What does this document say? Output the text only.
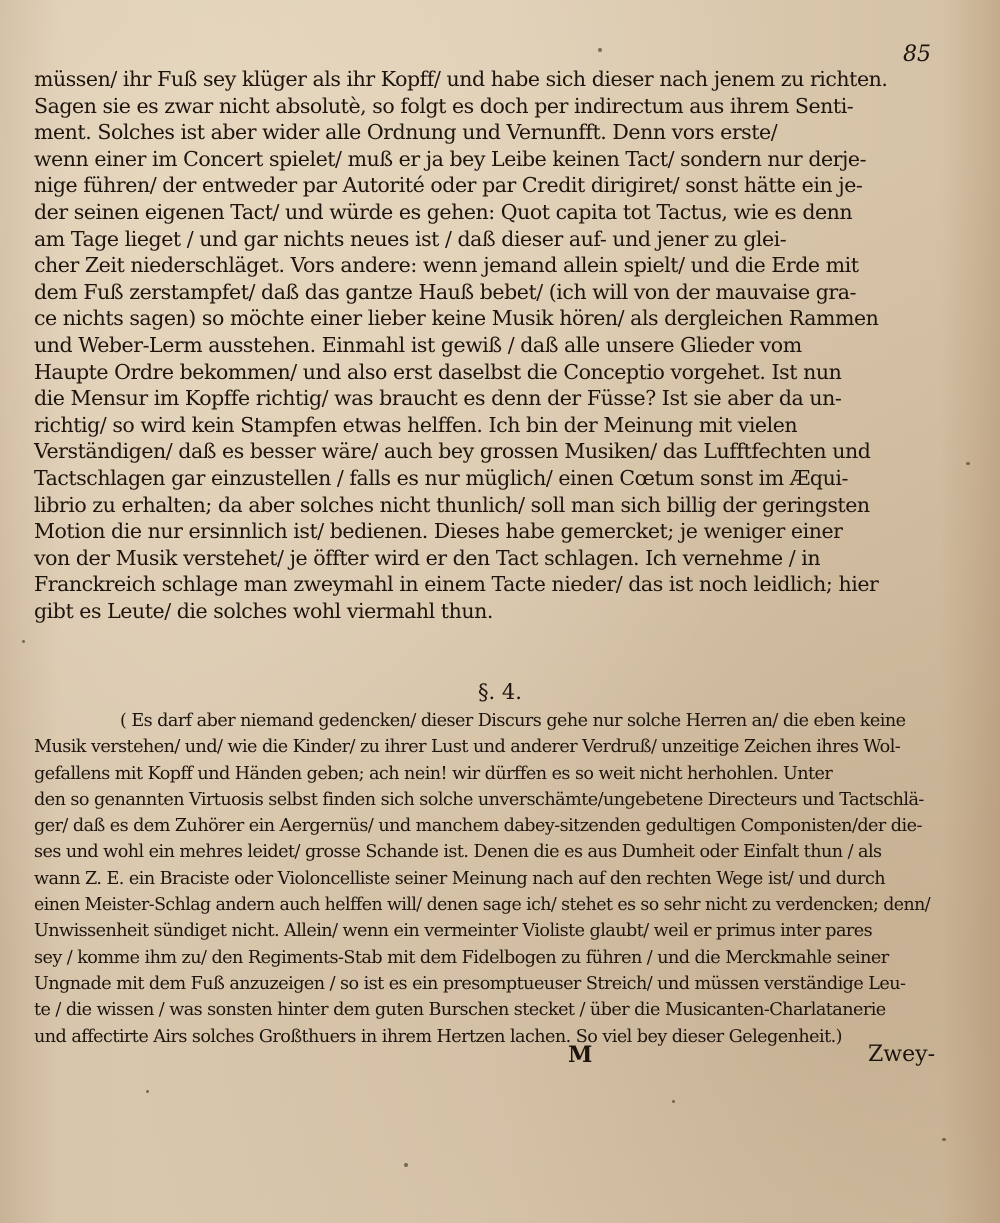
85
müssen/ ihr Fuß sey klüger als ihr Kopff/ und habe sich dieser nach jenem zu richten.
Sagen sie es zwar nicht absolutè, so folgt es doch per indirectum aus ihrem Senti-
ment. Solches ist aber wider alle Ordnung und Vernunfft. Denn vors erste/
wenn einer im Concert spielet/ muß er ja bey Leibe keinen Tact/ sondern nur derje-
nige führen/ der entweder par Autorité oder par Credit dirigiret/ sonst hätte ein je-
der seinen eigenen Tact/ und würde es gehen: Quot capita tot Tactus, wie es denn
am Tage lieget / und gar nichts neues ist / daß dieser auf- und jener zu glei-
cher Zeit niederschläget. Vors andere: wenn jemand allein spielt/ und die Erde mit
dem Fuß zerstampfet/ daß das gantze Hauß bebet/ (ich will von der mauvaise gra-
ce nichts sagen) so möchte einer lieber keine Musik hören/ als dergleichen Rammen
und Weber-Lerm ausstehen. Einmahl ist gewiß / daß alle unsere Glieder vom
Haupte Ordre bekommen/ und also erst daselbst die Conceptio vorgehet. Ist nun
die Mensur im Kopffe richtig/ was braucht es denn der Füsse? Ist sie aber da un-
richtig/ so wird kein Stampfen etwas helffen. Ich bin der Meinung mit vielen
Verständigen/ daß es besser wäre/ auch bey grossen Musiken/ das Lufftfechten und
Tactschlagen gar einzustellen / falls es nur müglich/ einen Cœtum sonst im Æqui-
librio zu erhalten; da aber solches nicht thunlich/ soll man sich billig der geringsten
Motion die nur ersinnlich ist/ bedienen. Dieses habe gemercket; je weniger einer
von der Musik verstehet/ je öffter wird er den Tact schlagen. Ich vernehme / in
Franckreich schlage man zweymahl in einem Tacte nieder/ das ist noch leidlich; hier
gibt es Leute/ die solches wohl viermahl thun.
§. 4.
( Es darf aber niemand gedencken/ dieser Discurs gehe nur solche Herren an/ die eben keine
Musik verstehen/ und/ wie die Kinder/ zu ihrer Lust und anderer Verdruß/ unzeitige Zeichen ihres Wol-
gefallens mit Kopff und Händen geben; ach nein! wir dürffen es so weit nicht herhohlen. Unter
den so genannten Virtuosis selbst finden sich solche unverschämte/ungebetene Directeurs und Tactschlä-
ger/ daß es dem Zuhörer ein Aergernüs/ und manchem dabey-sitzenden gedultigen Componisten/der die-
ses und wohl ein mehres leidet/ grosse Schande ist. Denen die es aus Dumheit oder Einfalt thun / als
wann Z. E. ein Braciste oder Violoncelliste seiner Meinung nach auf den rechten Wege ist/ und durch
einen Meister-Schlag andern auch helffen will/ denen sage ich/ stehet es so sehr nicht zu verdencken; denn/
Unwissenheit sündiget nicht. Allein/ wenn ein vermeinter Violiste glaubt/ weil er primus inter pares
sey / komme ihm zu/ den Regiments-Stab mit dem Fidelbogen zu führen / und die Merckmahle seiner
Ungnade mit dem Fuß anzuzeigen / so ist es ein presomptueuser Streich/ und müssen verständige Leu-
te / die wissen / was sonsten hinter dem guten Burschen stecket / über die Musicanten-Charlatanerie
und affectirte Airs solches Großthuers in ihrem Hertzen lachen. So viel bey dieser Gelegenheit.)
M	Zwey-
